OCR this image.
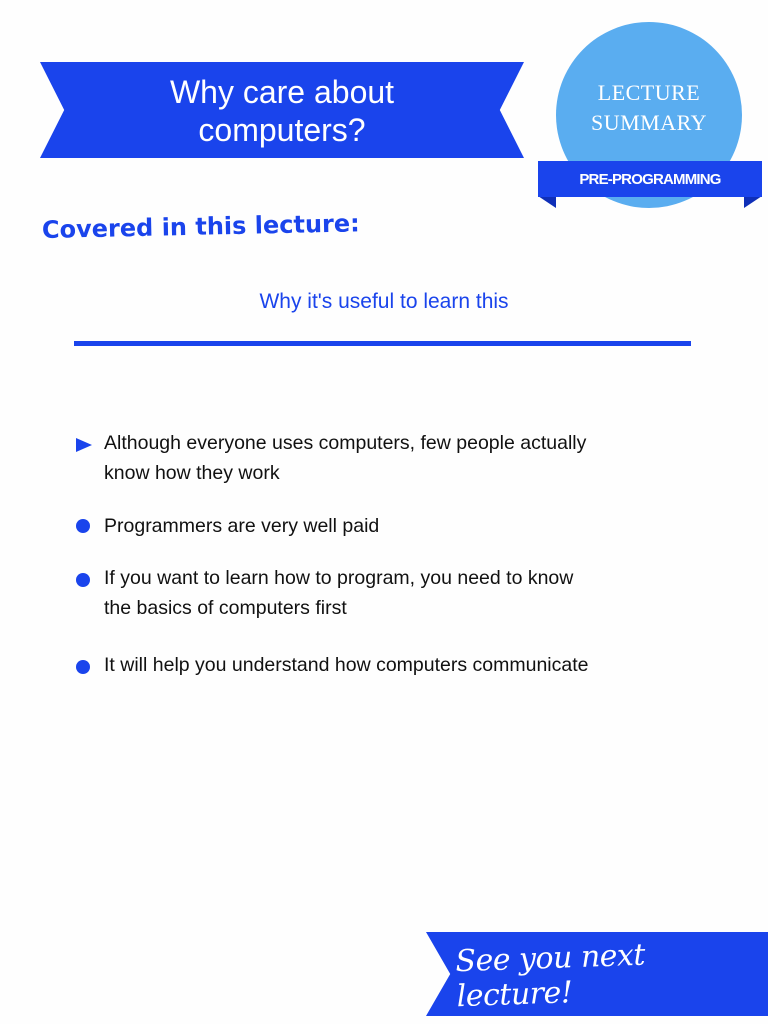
Why care about
computers?
LECTURE
SUMMARY
PRE-PROGRAMMING
Covered in this lecture:
Why it's useful to learn this
Although everyone uses computers, few people actually
know how they work
Programmers are very well paid
If you want to learn how to program, you need to know
the basics of computers first
It will help you understand how computers communicate
See you next lecture!
